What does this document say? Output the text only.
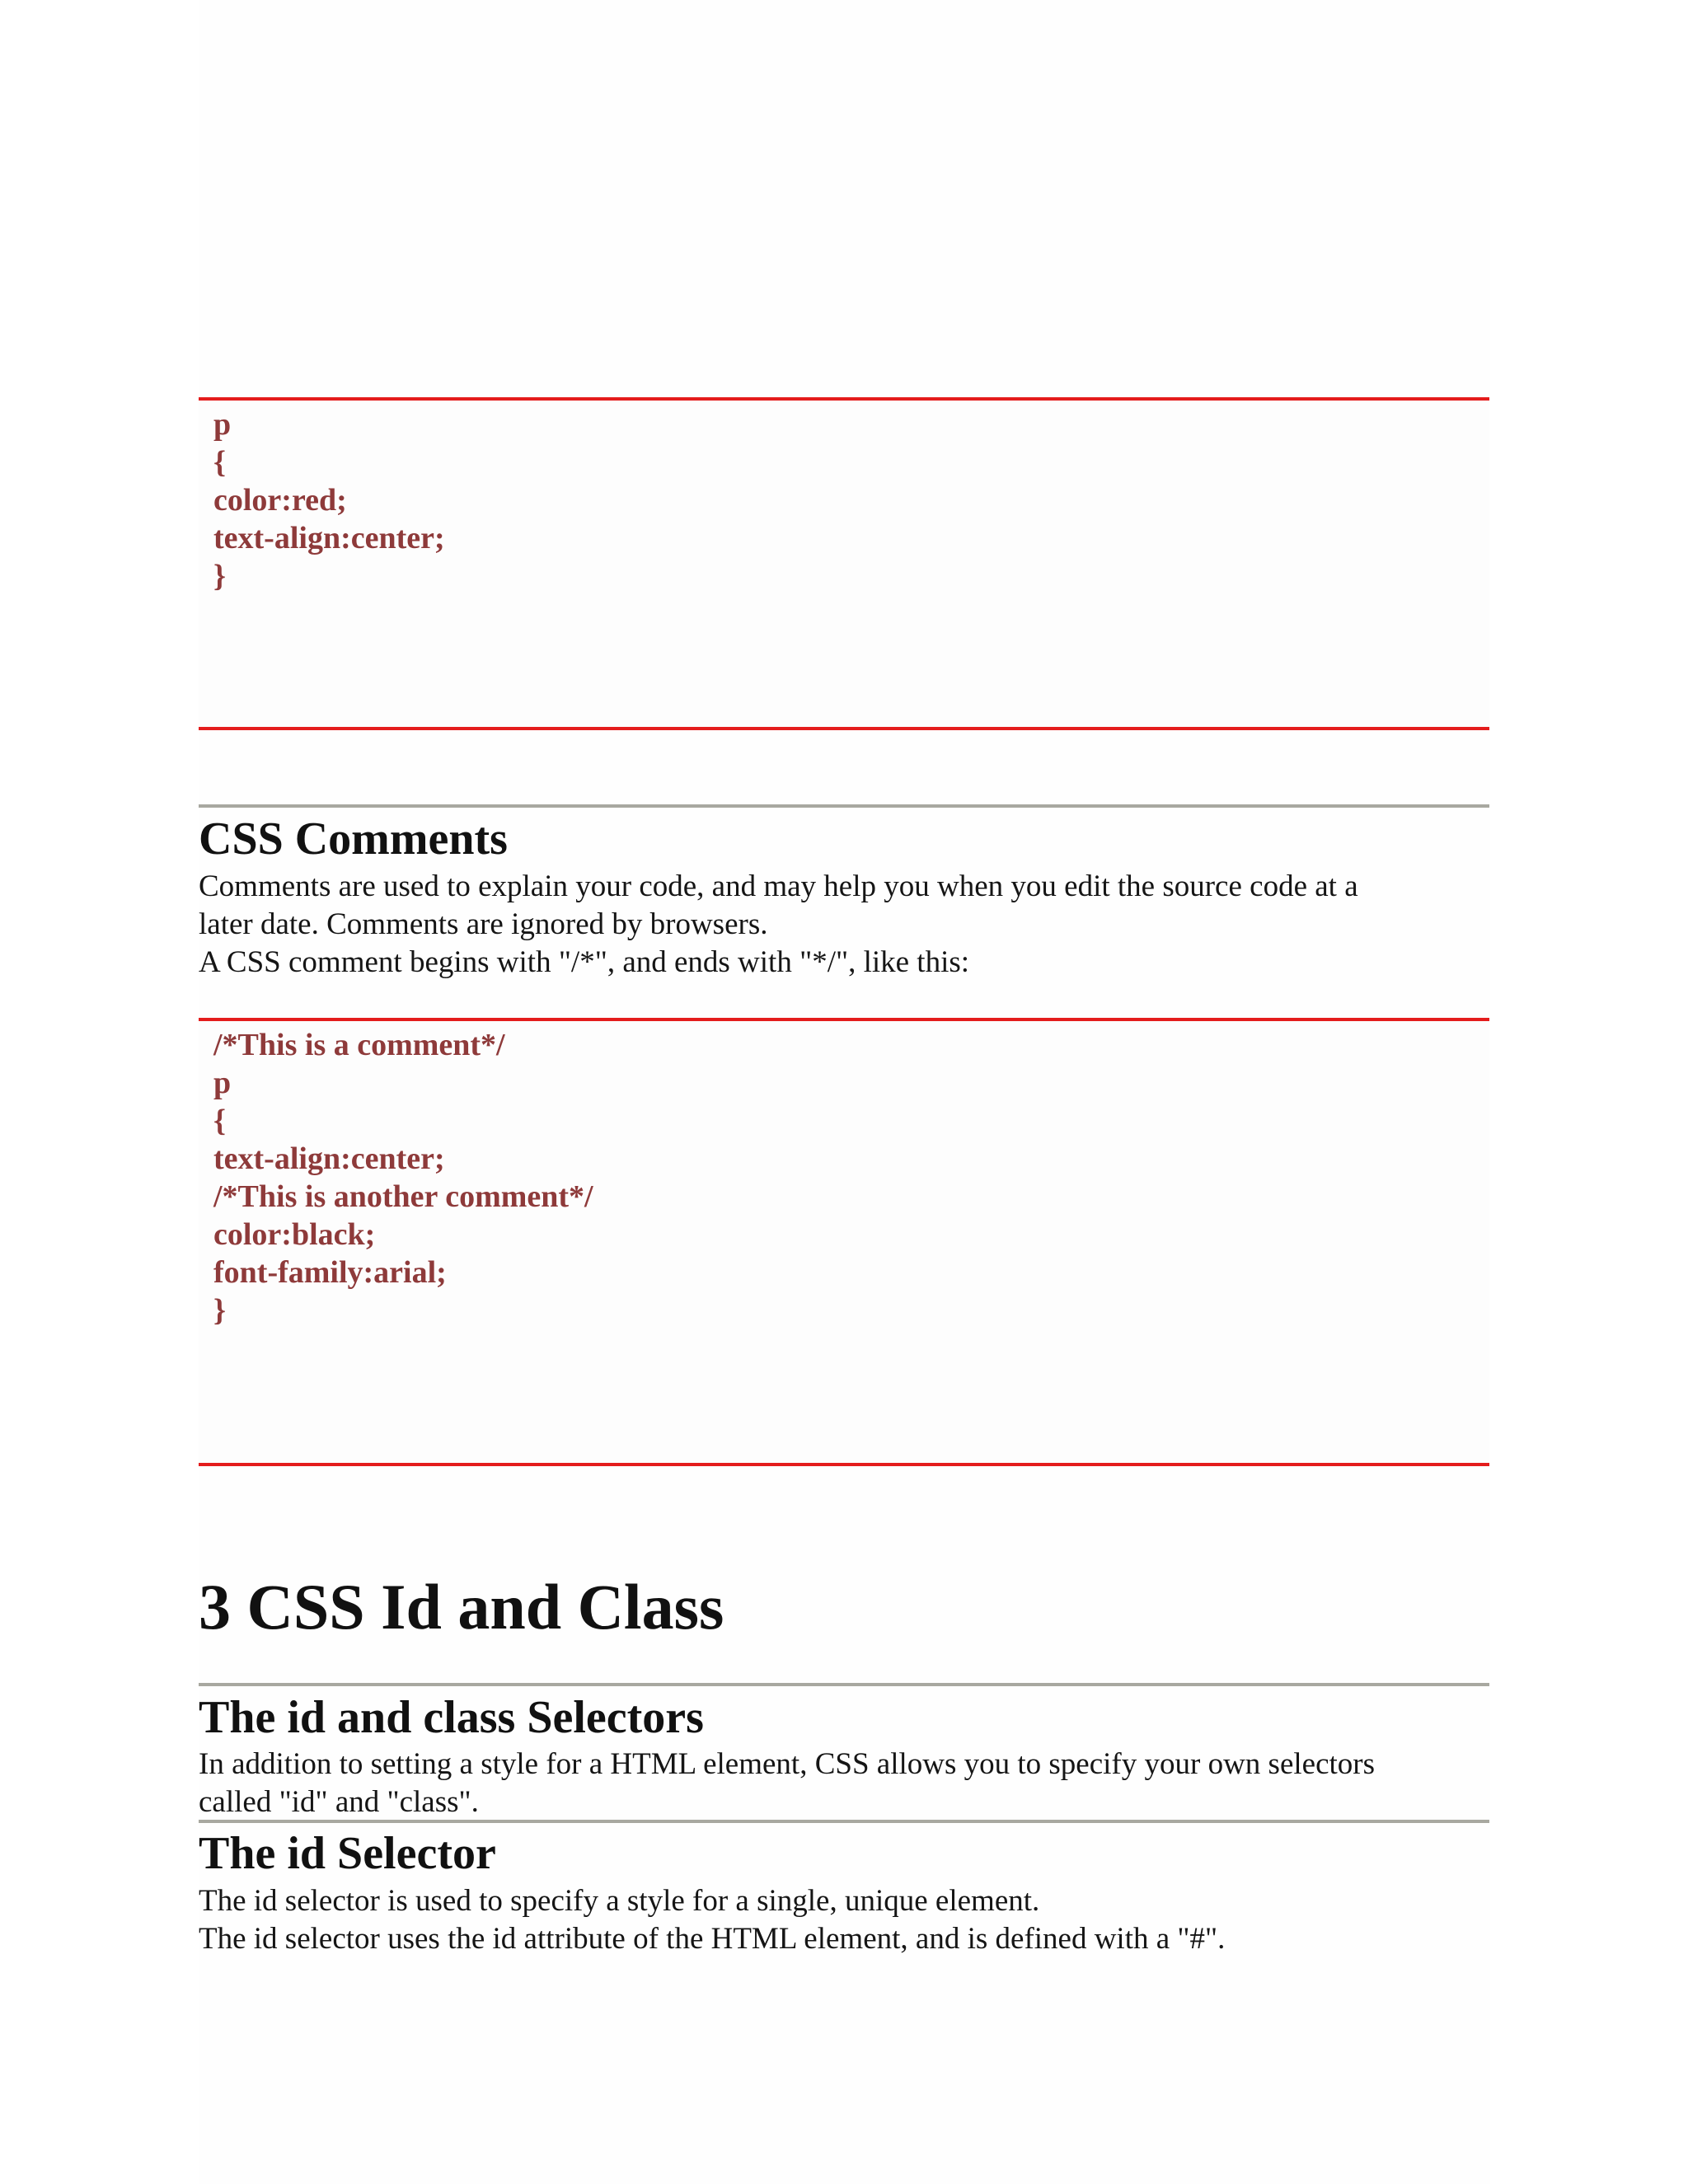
p
{
color:red;
text-align:center;
}
CSS Comments
Comments are used to explain your code, and may help you when you edit the source code at a
later date. Comments are ignored by browsers.
A CSS comment begins with "/*", and ends with "*/", like this:
/*This is a comment*/
p
{
text-align:center;
/*This is another comment*/
color:black;
font-family:arial;
}
3 CSS Id and Class
The id and class Selectors
In addition to setting a style for a HTML element, CSS allows you to specify your own selectors
called "id" and "class".
The id Selector
The id selector is used to specify a style for a single, unique element.
The id selector uses the id attribute of the HTML element, and is defined with a "#".
